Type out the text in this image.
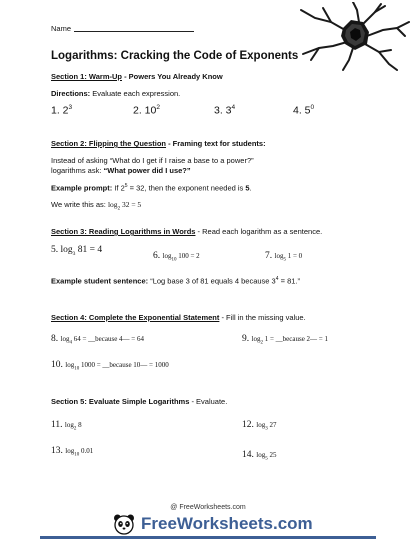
Name
Logarithms: Cracking the Code of Exponents
Section 1: Warm-Up - Powers You Already Know
Directions: Evaluate each expression.
1. $2^3$	2. $10^2$	3. $3^4$	4. $5^0$
Section 2: Flipping the Question - Framing text for students:
Instead of asking “What do I get if I raise a base to a power?”
logarithms ask: “What power did I use?”
Example prompt: If $2^5 = 32$, then the exponent needed is 5.
We write this as: $\log_2 32 = 5$
Section 3: Reading Logarithms in Words - Read each logarithm as a sentence.
5. $\log_3 81 = 4$
6. $\log_{10} 100 = 2$	7. $\log_5 1 = 0$
Example student sentence: “Log base 3 of 81 equals 4 because $3^4 = 81$.”
Section 4: Complete the Exponential Statement - Fill in the missing value.
8. $\log_4 64$ = __because 4— = 64	9. $\log_2 1$ = __because 2— = 1
10. $\log_{10} 1000$ = __because 10— = 1000
Section 5: Evaluate Simple Logarithms - Evaluate.
11. $\log_2 8$	12. $\log_3 27$
13. $\log_{10} 0.01$	14. $\log_5 25$
@ FreeWorksheets.com
FreeWorksheets.com
